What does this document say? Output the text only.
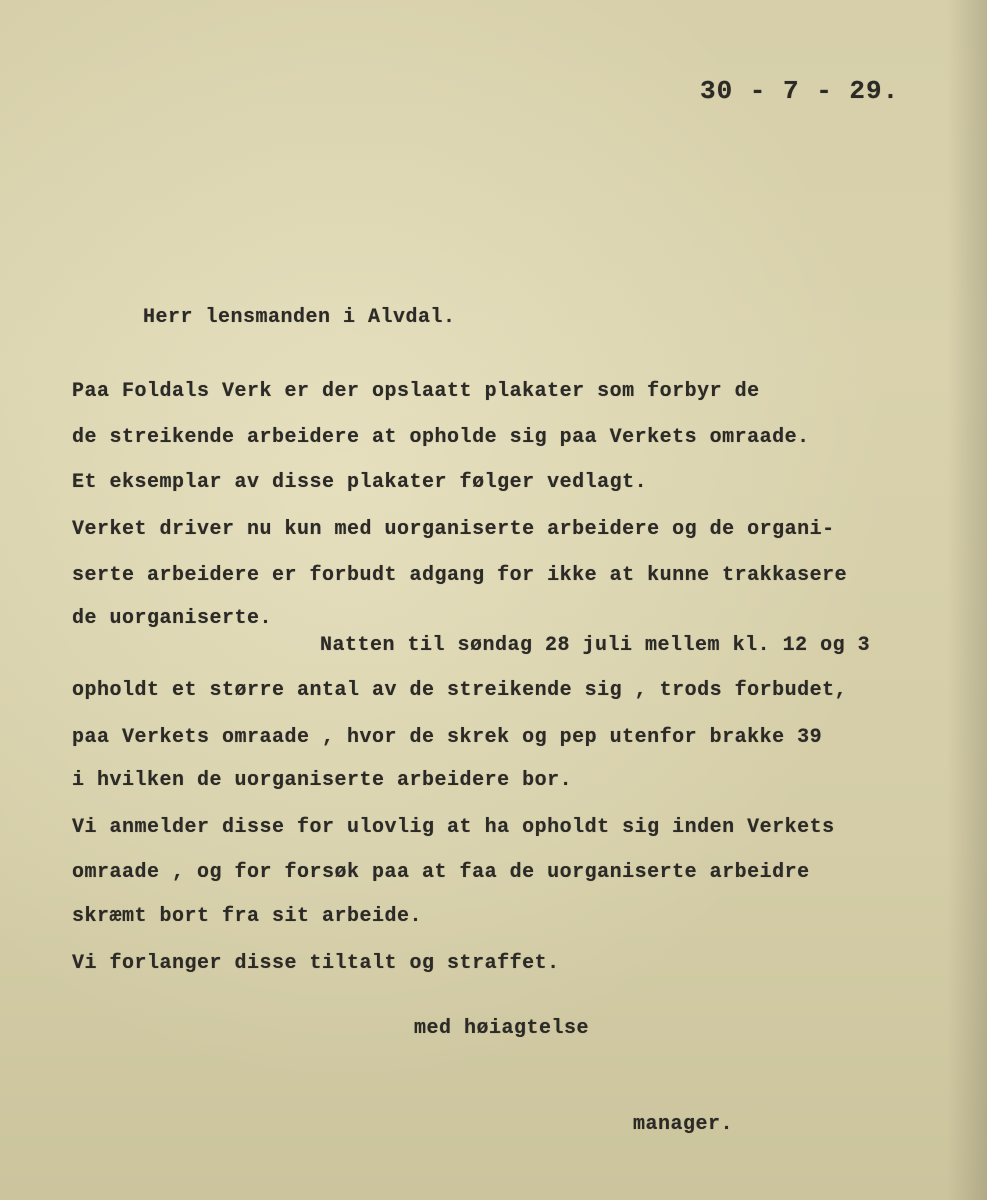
30 - 7 - 29.
Herr lensmanden i Alvdal.
Paa Foldals Verk er der opslaatt plakater som forbyr de
de streikende arbeidere at opholde sig paa Verkets omraade.
Et eksemplar av disse plakater følger vedlagt.
Verket driver nu kun med uorganiserte arbeidere og de organi-
serte arbeidere er forbudt adgang for ikke at kunne trakkasere
de uorganiserte.
Natten til søndag 28 juli mellem kl. 12 og 3
opholdt et større antal av de streikende sig , trods forbudet,
paa Verkets omraade , hvor de skrek og pep utenfor brakke 39
i hvilken de uorganiserte arbeidere bor.
Vi anmelder disse for ulovlig at ha opholdt sig inden Verkets
omraade , og for forsøk paa at faa de uorganiserte arbeidre
skræmt bort fra sit arbeide.
Vi forlanger disse tiltalt og straffet.
med høiagtelse
manager.
